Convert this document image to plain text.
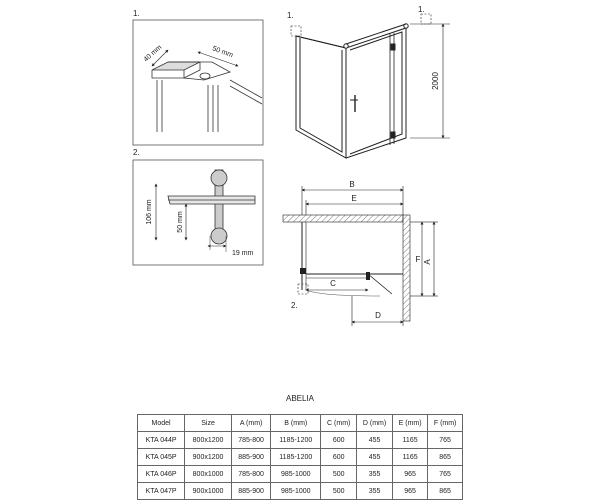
1.
40 mm	50 mm
2.
106 mm	50 mm
19 mm
1.
1.
2000
B
E
C
D
F A
2.
ABELIA
Model	Size	A (mm)	B (mm)	C (mm)	D (mm)	E (mm)	F (mm)
KTA 044P	800x1200	785-800	1185-1200	600	455	1165	765
KTA 045P	900x1200	885-900	1185-1200	600	455	1165	865
KTA 046P	800x1000	785-800	985-1000	500	355	965	765
KTA 047P	900x1000	885-900	985-1000	500	355	965	865
